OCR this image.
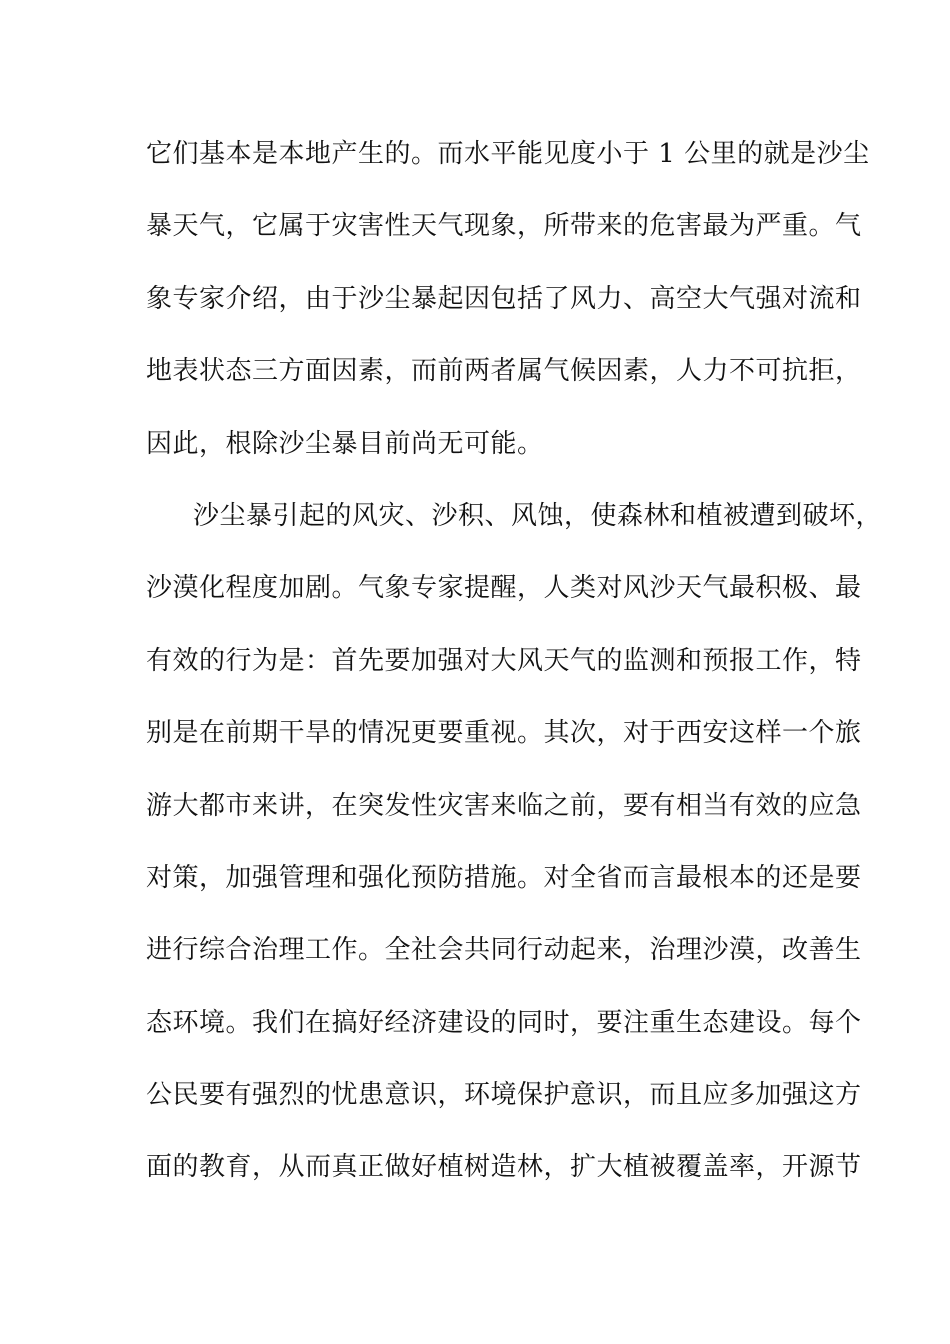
它们基本是本地产生的。而水平能见度小于 1 公里的就是沙尘
暴天气，它属于灾害性天气现象，所带来的危害最为严重。气
象专家介绍，由于沙尘暴起因包括了风力、高空大气强对流和
地表状态三方面因素，而前两者属气候因素，人力不可抗拒，
因此，根除沙尘暴目前尚无可能。
沙尘暴引起的风灾、沙积、风蚀，使森林和植被遭到破坏，
沙漠化程度加剧。气象专家提醒，人类对风沙天气最积极、最
有效的行为是：首先要加强对大风天气的监测和预报工作，特
别是在前期干旱的情况更要重视。其次，对于西安这样一个旅
游大都市来讲，在突发性灾害来临之前，要有相当有效的应急
对策，加强管理和强化预防措施。对全省而言最根本的还是要
进行综合治理工作。全社会共同行动起来，治理沙漠，改善生
态环境。我们在搞好经济建设的同时，要注重生态建设。每个
公民要有强烈的忧患意识，环境保护意识，而且应多加强这方
面的教育，从而真正做好植树造林，扩大植被覆盖率，开源节
